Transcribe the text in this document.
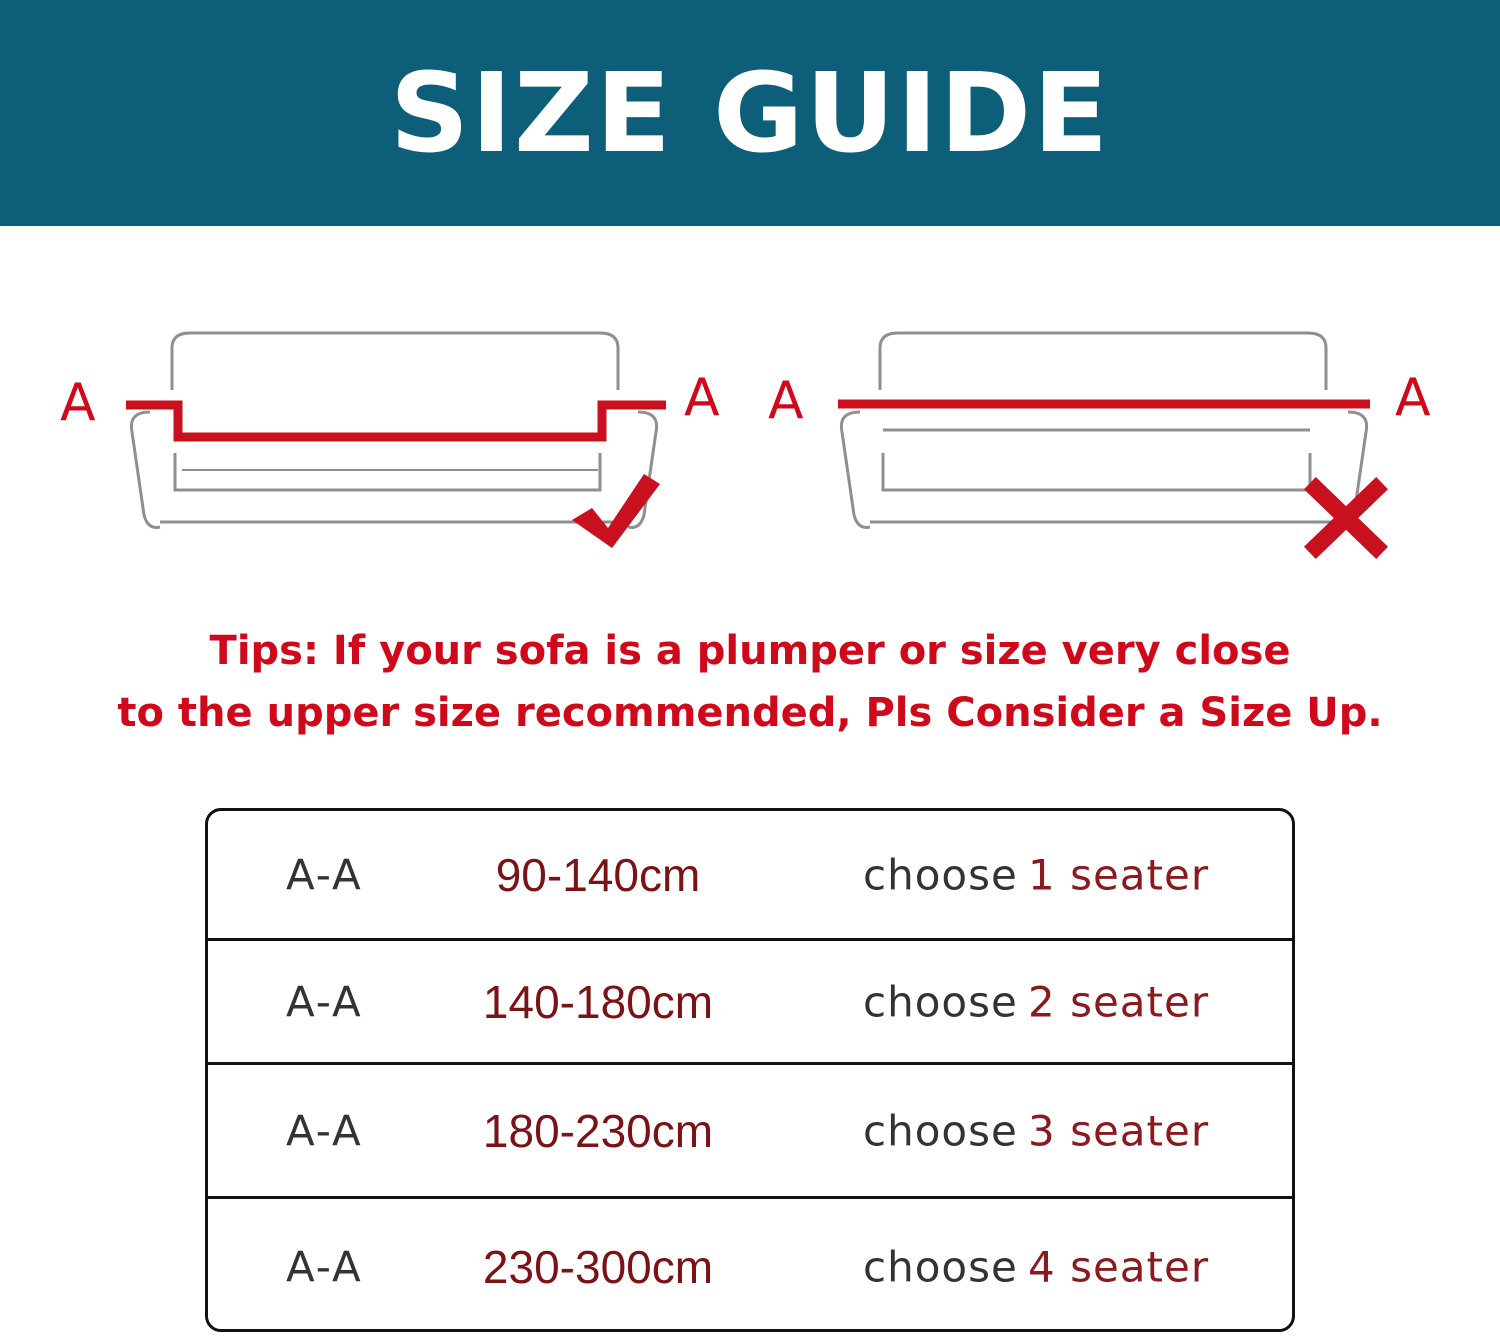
SIZE GUIDE
A	A A	A
Tips: If your sofa is a plumper or size very close
to the upper size recommended, Pls Consider a Size Up.
A-A	90-140cm	choose 1 seater
A-A	140-180cm	choose 2 seater
A-A	180-230cm	choose 3 seater
A-A	230-300cm	choose 4 seater
